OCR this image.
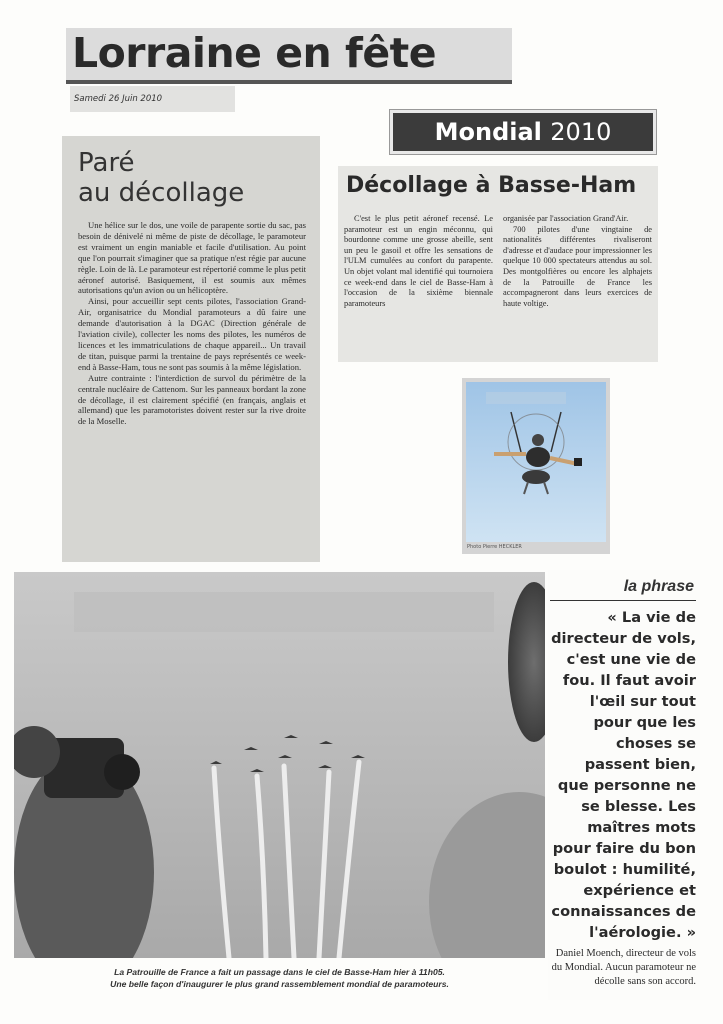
Lorraine en fête
Samedi 26 Juin 2010
Paré
au décollage

Une hélice sur le dos, une voile de parapente sortie du sac, pas besoin de dénivelé ni même de piste de décollage, le paramoteur est vraiment un engin maniable et facile d'utilisation. Au point que l'on pourrait s'imaginer que sa pratique n'est régie par aucune règle. Loin de là. Le paramoteur est répertorié comme le plus petit aéronef autorisé. Basiquement, il est soumis aux mêmes autorisations qu'un avion ou un hélicoptère.

Ainsi, pour accueillir sept cents pilotes, l'association Grand-Air, organisatrice du Mondial paramoteurs a dû faire une demande d'autorisation à la DGAC (Direction générale de l'aviation civile), collecter les noms des pilotes, les numéros de licences et les immatriculations de chaque appareil... Un travail de titan, puisque parmi la trentaine de pays représentés ce week-end à Basse-Ham, tous ne sont pas soumis à la même législation.

Autre contrainte : l'interdiction de survol du périmètre de la centrale nucléaire de Cattenom. Sur les panneaux bordant la zone de décollage, il est clairement spécifié (en français, anglais et allemand) que les paramotoristes doivent rester sur la rive droite de la Moselle.

Mondial 2010
Décollage à Basse-Ham

C'est le plus petit aéronef recensé. Le paramoteur est un engin méconnu, qui bourdonne comme une grosse abeille, sent un peu le gasoil et offre les sensations de l'ULM cumulées au confort du parapente. Un objet volant mal identifié qui tournoiera ce week-end dans le ciel de Basse-Ham à l'occasion de la sixième biennale paramoteurs

organisée par l'association Grand'Air.

700 pilotes d'une vingtaine de nationalités différentes rivaliseront d'adresse et d'audace pour impressionner les quelque 10 000 spectateurs attendus au sol. Des montgolfières ou encore les alphajets de la Patrouille de France les accompagneront dans leurs exercices de haute voltige.

Photo Pierre HECKLER
La Patrouille de France a fait un passage dans le ciel de Basse-Ham hier à 11h05.
Une belle façon d'inaugurer le plus grand rassemblement mondial de paramoteurs.
la phrase

« La vie de directeur de vols, c'est une vie de fou. Il faut avoir l'œil sur tout pour que les choses se passent bien, que personne ne se blesse. Les maîtres mots pour faire du bon boulot : humilité, expérience et connaissances de l'aérologie. »

Daniel Moench, directeur de vols du Mondial. Aucun paramoteur ne décolle sans son accord.
